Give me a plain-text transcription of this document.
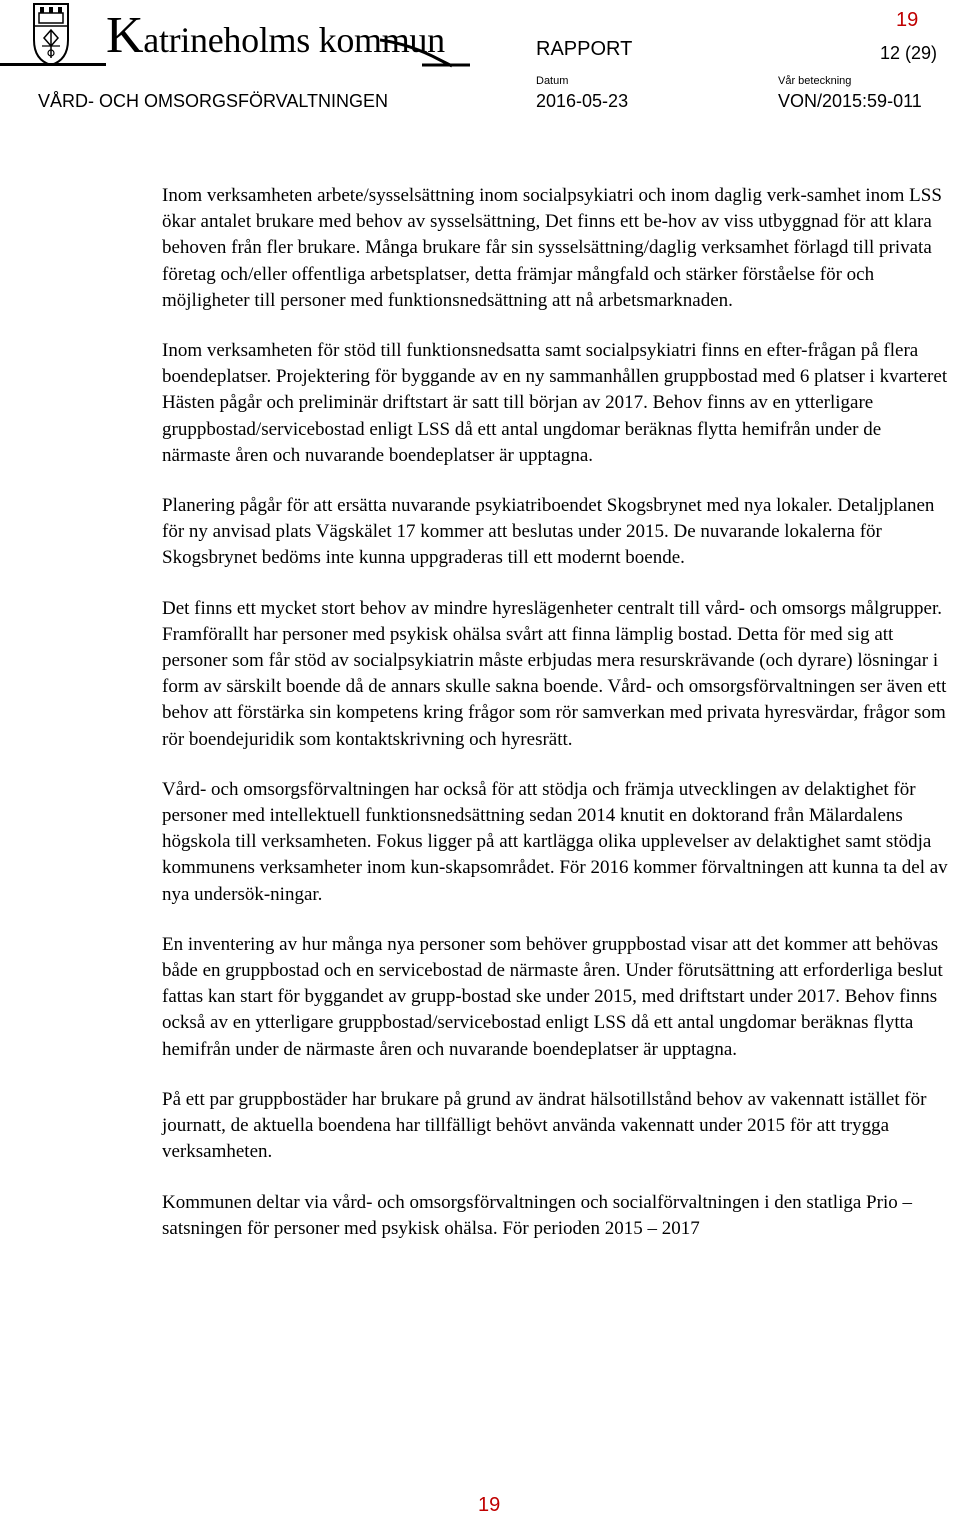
Katrineholms kommun	RAPPORT
19
12 (29)
Datum	Vår beteckning
VÅRD- OCH OMSORGSFÖRVALTNINGEN	2016-05-23	VON/2015:59-011

Inom verksamheten arbete/sysselsättning inom socialpsykiatri och inom daglig verk-samhet inom LSS ökar antalet brukare med behov av sysselsättning, Det finns ett be-hov av viss utbyggnad för att klara behoven från fler brukare. Många brukare får sin sysselsättning/daglig verksamhet förlagd till privata företag och/eller offentliga arbetsplatser, detta främjar mångfald och stärker förståelse för och möjligheter till personer med funktionsnedsättning att nå arbetsmarknaden.

Inom verksamheten för stöd till funktionsnedsatta samt socialpsykiatri finns en efter-frågan på flera boendeplatser. Projektering för byggande av en ny sammanhållen gruppbostad med 6 platser i kvarteret Hästen pågår och preliminär driftstart är satt till början av 2017. Behov finns av en ytterligare gruppbostad/servicebostad enligt LSS då ett antal ungdomar beräknas flytta hemifrån under de närmaste åren och nuvarande boendeplatser är upptagna.

Planering pågår för att ersätta nuvarande psykiatriboendet Skogsbrynet med nya lokaler. Detaljplanen för ny anvisad plats Vägskälet 17 kommer att beslutas under 2015. De nuvarande lokalerna för Skogsbrynet bedöms inte kunna uppgraderas till ett modernt boende.

Det finns ett mycket stort behov av mindre hyreslägenheter centralt till vård- och omsorgs målgrupper. Framförallt har personer med psykisk ohälsa svårt att finna lämplig bostad. Detta för med sig att personer som får stöd av socialpsykiatrin måste erbjudas mera resurskrävande (och dyrare) lösningar i form av särskilt boende då de annars skulle sakna boende. Vård- och omsorgsförvaltningen ser även ett behov att förstärka sin kompetens kring frågor som rör samverkan med privata hyresvärdar, frågor som rör boendejuridik som kontaktskrivning och hyresrätt.

Vård- och omsorgsförvaltningen har också för att stödja och främja utvecklingen av delaktighet för personer med intellektuell funktionsnedsättning sedan 2014 knutit en doktorand från Mälardalens högskola till verksamheten. Fokus ligger på att kartlägga olika upplevelser av delaktighet samt stödja kommunens verksamheter inom kun-skapsområdet. För 2016 kommer förvaltningen att kunna ta del av nya undersök-ningar.

En inventering av hur många nya personer som behöver gruppbostad visar att det kommer att behövas både en gruppbostad och en servicebostad de närmaste åren. Under förutsättning att erforderliga beslut fattas kan start för byggandet av grupp-bostad ske under 2015, med driftstart under 2017. Behov finns också av en ytterligare gruppbostad/servicebostad enligt LSS då ett antal ungdomar beräknas flytta hemifrån under de närmaste åren och nuvarande boendeplatser är upptagna.

På ett par gruppbostäder har brukare på grund av ändrat hälsotillstånd behov av vakennatt istället för journatt, de aktuella boendena har tillfälligt behövt använda vakennatt under 2015 för att trygga verksamheten.

Kommunen deltar via vård- och omsorgsförvaltningen och socialförvaltningen i den statliga Prio – satsningen för personer med psykisk ohälsa. För perioden 2015 – 2017

19
